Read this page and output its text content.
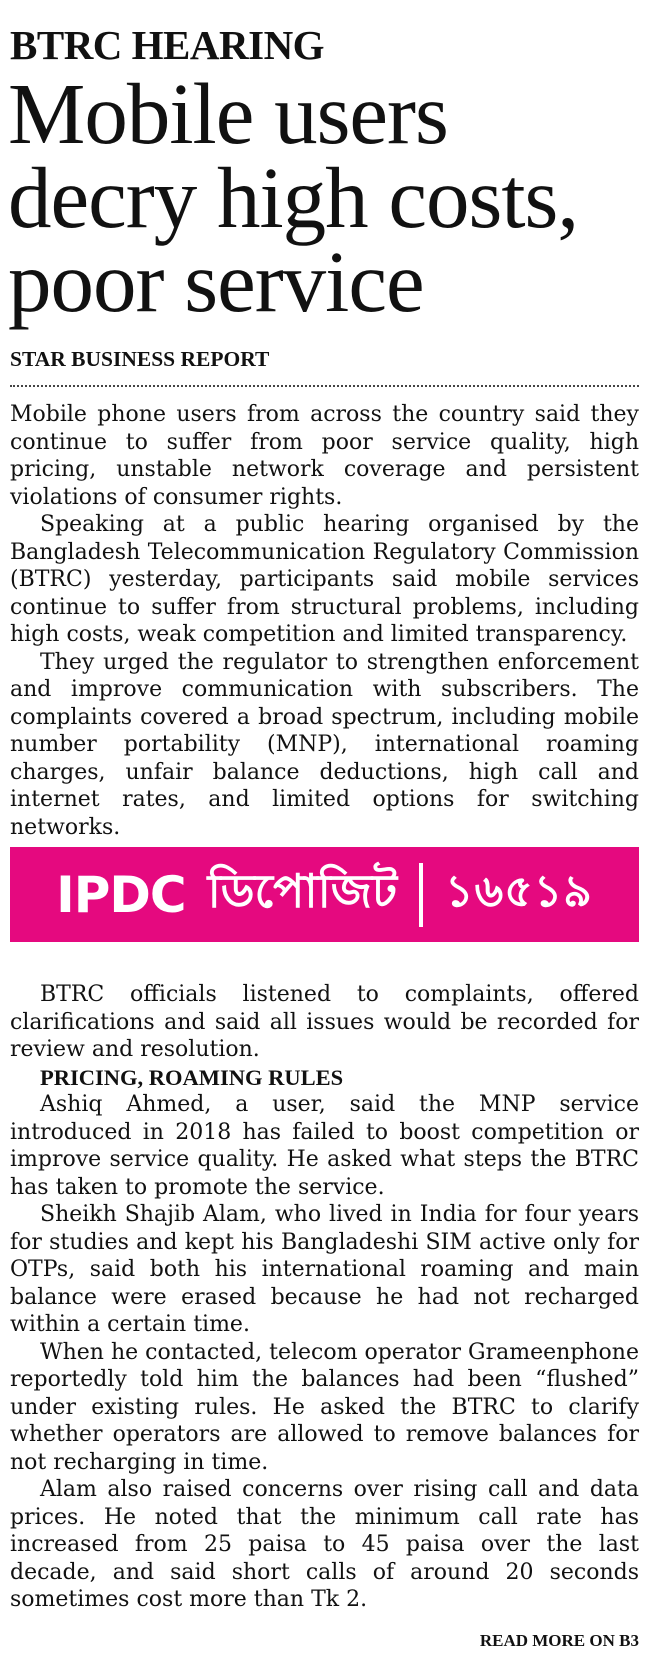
BTRC HEARING
Mobile users decry high costs, poor service
STAR BUSINESS REPORT

Mobile phone users from across the country said they continue to suffer from poor service quality, high pricing, unstable network coverage and persistent violations of consumer rights.

Speaking at a public hearing organised by the Bangladesh Telecommunication Regulatory Commission (BTRC) yesterday, participants said mobile services continue to suffer from structural problems, including high costs, weak competition and limited transparency.

They urged the regulator to strengthen enforcement and improve communication with subscribers. The complaints covered a broad spectrum, including mobile number portability (MNP), international roaming charges, unfair balance deductions, high call and internet rates, and limited options for switching networks.

IPDC ডিপোজিট ১৬৫১৯

BTRC officials listened to complaints, offered clarifications and said all issues would be recorded for review and resolution.

PRICING, ROAMING RULES

Ashiq Ahmed, a user, said the MNP service introduced in 2018 has failed to boost competition or improve service quality. He asked what steps the BTRC has taken to promote the service.

Sheikh Shajib Alam, who lived in India for four years for studies and kept his Bangladeshi SIM active only for OTPs, said both his international roaming and main balance were erased because he had not recharged within a certain time.

When he contacted, telecom operator Grameenphone reportedly told him the balances had been “flushed” under existing rules. He asked the BTRC to clarify whether operators are allowed to remove balances for not recharging in time.

Alam also raised concerns over rising call and data prices. He noted that the minimum call rate has increased from 25 paisa to 45 paisa over the last decade, and said short calls of around 20 seconds sometimes cost more than Tk 2.

READ MORE ON B3
